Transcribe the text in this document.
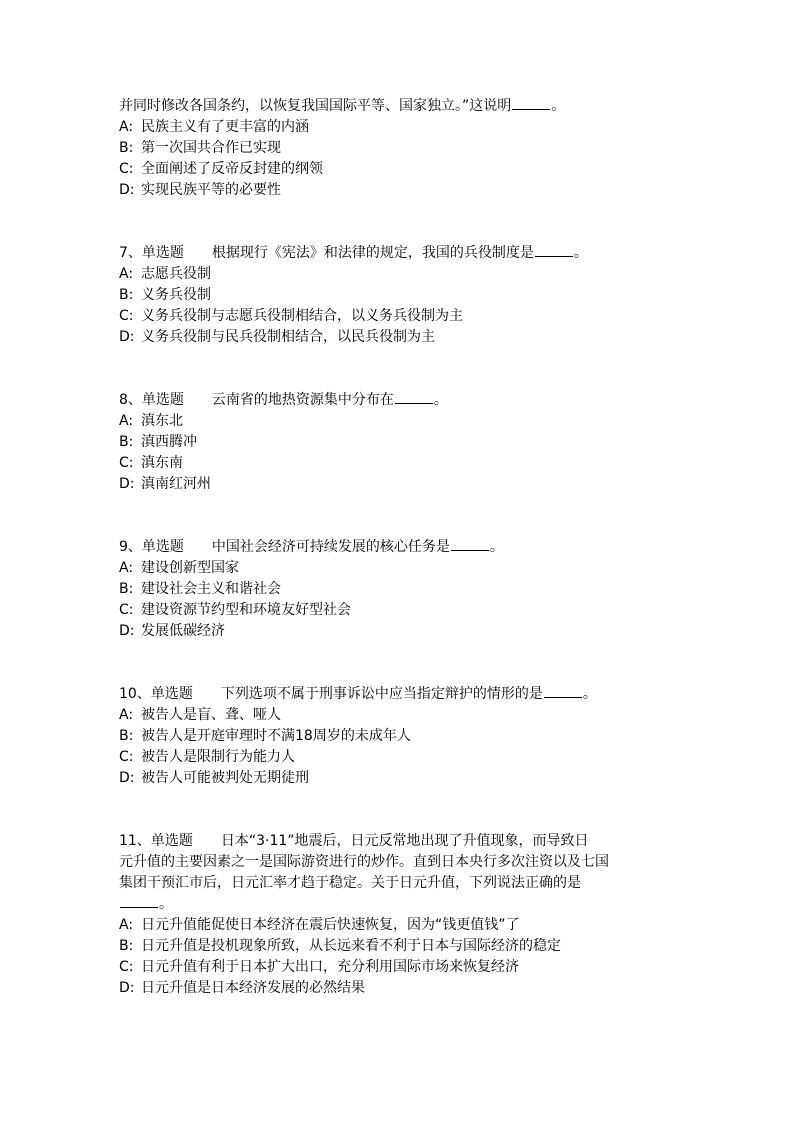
并同时修改各国条约，以恢复我国国际平等、国家独立。”这说明	。
A: 民族主义有了更丰富的内涵
B: 第一次国共合作已实现
C: 全面阐述了反帝反封建的纲领
D: 实现民族平等的必要性
7、单选题 根据现行《宪法》和法律的规定，我国的兵役制度是	。
A: 志愿兵役制
B: 义务兵役制
C: 义务兵役制与志愿兵役制相结合，以义务兵役制为主
D: 义务兵役制与民兵役制相结合，以民兵役制为主
8、单选题 云南省的地热资源集中分布在	。
A: 滇东北
B: 滇西腾冲
C: 滇东南
D: 滇南红河州
9、单选题 中国社会经济可持续发展的核心任务是	。
A: 建设创新型国家
B: 建设社会主义和谐社会
C: 建设资源节约型和环境友好型社会
D: 发展低碳经济
10、单选题 下列选项不属于刑事诉讼中应当指定辩护的情形的是	。
A: 被告人是盲、聋、哑人
B: 被告人是开庭审理时不满18周岁的未成年人
C: 被告人是限制行为能力人
D: 被告人可能被判处无期徒刑
11、单选题 日本“3·11”地震后，日元反常地出现了升值现象，而导致日
元升值的主要因素之一是国际游资进行的炒作。直到日本央行多次注资以及七国
集团干预汇市后，日元汇率才趋于稳定。关于日元升值，下列说法正确的是
。
A: 日元升值能促使日本经济在震后快速恢复，因为“钱更值钱”了
B: 日元升值是投机现象所致，从长远来看不利于日本与国际经济的稳定
C: 日元升值有利于日本扩大出口，充分利用国际市场来恢复经济
D: 日元升值是日本经济发展的必然结果
